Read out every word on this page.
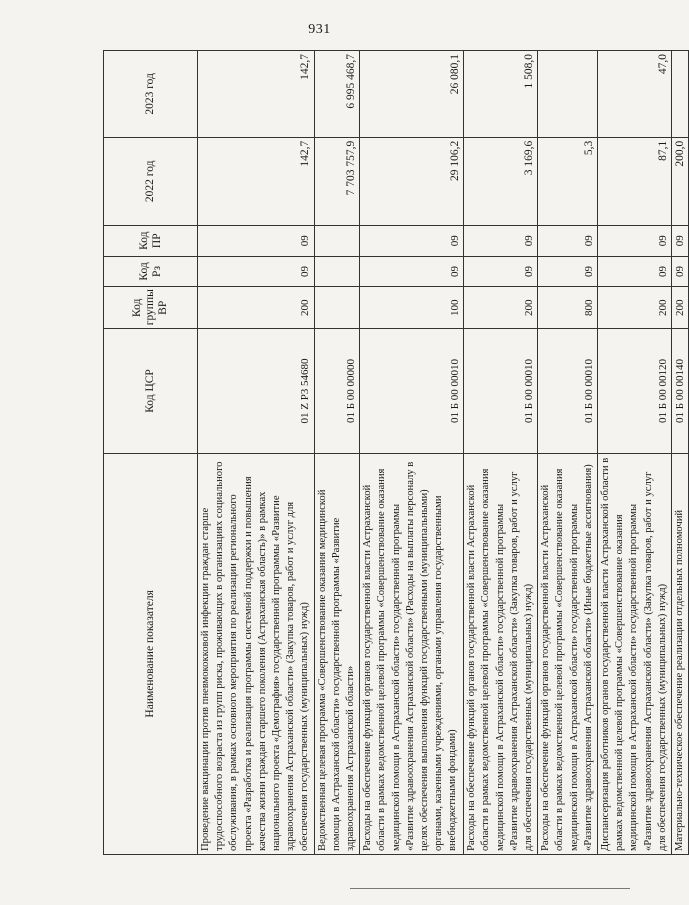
931
Наименование показателя	Код ЦСР	Код группы ВР	Код Рз	Код ПР	2022 год	2023 год
Проведение вакцинации против пневмококковой инфекции граждан старше трудоспособного возраста из групп риска, проживающих в организациях социального обслуживания, в рамках основного мероприятия по реализации регионального проекта «Разработка и реализация программы системной поддержки и повышения качества жизни граждан старшего поколения (Астраханская область)» в рамках национального проекта «Демография» государственной программы «Развитие здравоохранения Астраханской области» (Закупка товаров, работ и услуг для обеспечения государственных (муниципальных) нужд)	01 Z P3 54680	200	09	09	142,7	142,7
Ведомственная целевая программа «Совершенствование оказания медицинской помощи в Астраханской области» государственной программы «Развитие здравоохранения Астраханской области»	01 Б 00 00000				7 703 757,9	6 995 468,7
Расходы на обеспечение функций органов государственной власти Астраханской области в рамках ведомственной целевой программы «Совершенствование оказания медицинской помощи в Астраханской области» государственной программы «Развитие здравоохранения Астраханской области» (Расходы на выплаты персоналу в целях обеспечения выполнения функций государственными (муниципальными) органами, казенными учреждениями, органами управления государственными внебюджетными фондами)	01 Б 00 00010	100	09	09	29 106,2	26 080,1
Расходы на обеспечение функций органов государственной власти Астраханской области в рамках ведомственной целевой программы «Совершенствование оказания медицинской помощи в Астраханской области» государственной программы «Развитие здравоохранения Астраханской области» (Закупка товаров, работ и услуг для обеспечения государственных (муниципальных) нужд)	01 Б 00 00010	200	09	09	3 169,6	1 508,0
Расходы на обеспечение функций органов государственной власти Астраханской области в рамках ведомственной целевой программы «Совершенствование оказания медицинской помощи в Астраханской области» государственной программы «Развитие здравоохранения Астраханской области» (Иные бюджетные ассигнования)	01 Б 00 00010	800	09	09	5,3	
Диспансеризация работников органов государственной власти Астраханской области в рамках ведомственной целевой программы «Совершенствование оказания медицинской помощи в Астраханской области» государственной программы «Развитие здравоохранения Астраханской области» (Закупка товаров, работ и услуг для обеспечения государственных (муниципальных) нужд)	01 Б 00 00120	200	09	09	87,1	47,0
Материально-техническое обеспечение реализации отдельных полномочий	01 Б 00 00140	200	09	09	200,0	
